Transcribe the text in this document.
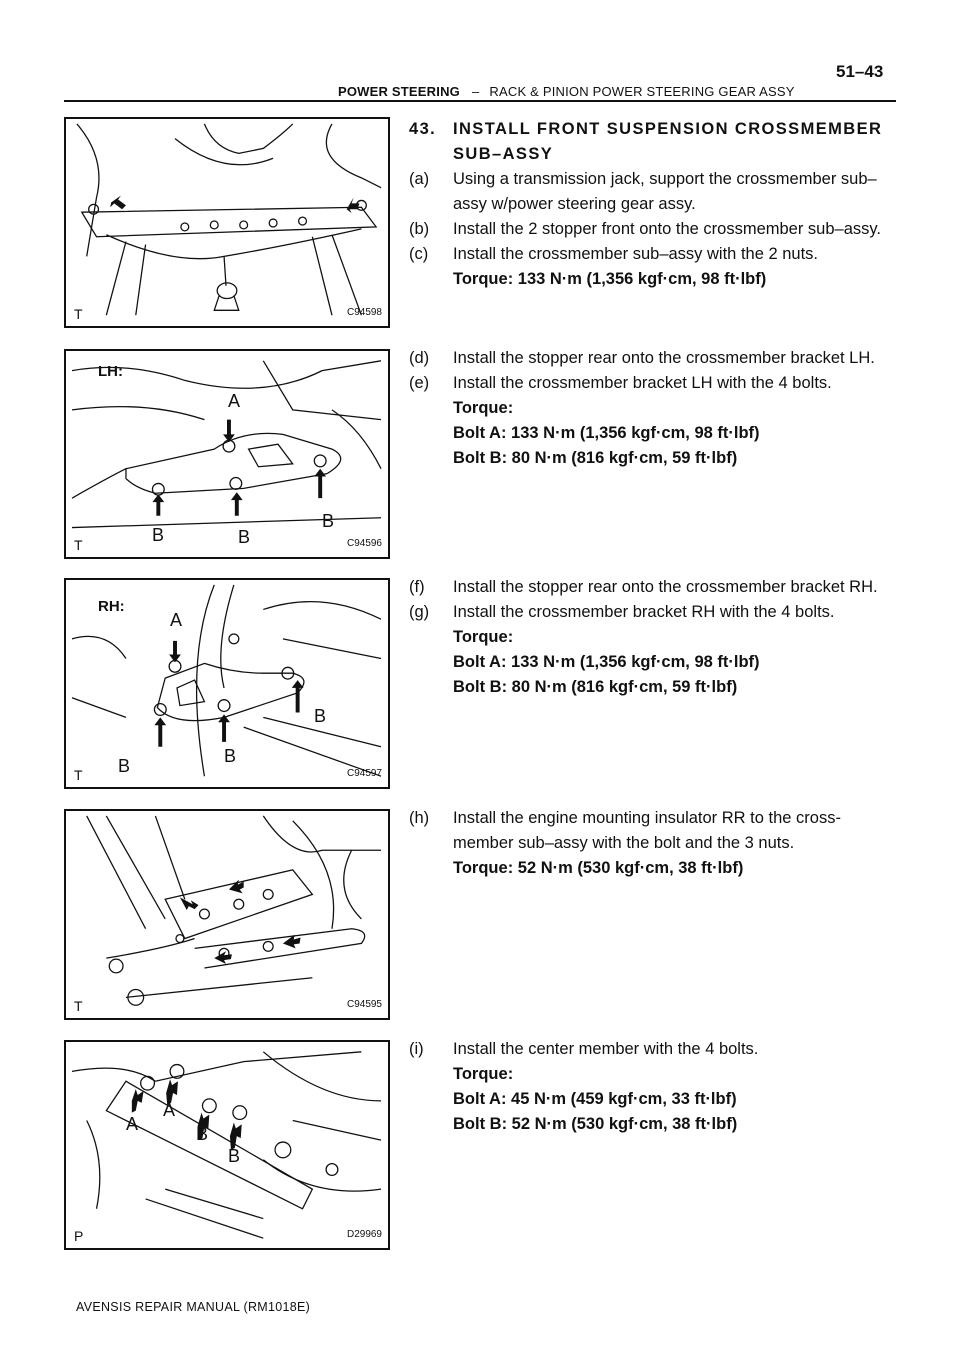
51–43
POWER STEERING – RACK & PINION POWER STEERING GEAR ASSY
T	C94598
LH:
A
B	B
B
T	C94596
RH:
A
B	B
B
T	C94597
T	C94595
A
A
B
B
P	D29969
43. INSTALL FRONT SUSPENSION CROSSMEMBER
SUB–ASSY
(a) Using a transmission jack, support the crossmember sub–assy w/power steering gear assy.
(b) Install the 2 stopper front onto the crossmember sub–assy.
(c) Install the crossmember sub–assy with the 2 nuts.
Torque: 133 N·m (1,356 kgf·cm, 98 ft·lbf)
(d) Install the stopper rear onto the crossmember bracket LH.
(e) Install the crossmember bracket LH with the 4 bolts.
Torque:
Bolt A: 133 N·m (1,356 kgf·cm, 98 ft·lbf)
Bolt B: 80 N·m (816 kgf·cm, 59 ft·lbf)
(f) Install the stopper rear onto the crossmember bracket RH.
(g) Install the crossmember bracket RH with the 4 bolts.
Torque:
Bolt A: 133 N·m (1,356 kgf·cm, 98 ft·lbf)
Bolt B: 80 N·m (816 kgf·cm, 59 ft·lbf)
(h) Install the engine mounting insulator RR to the cross-member sub–assy with the bolt and the 3 nuts.
Torque: 52 N·m (530 kgf·cm, 38 ft·lbf)
(i) Install the center member with the 4 bolts.
Torque:
Bolt A: 45 N·m (459 kgf·cm, 33 ft·lbf)
Bolt B: 52 N·m (530 kgf·cm, 38 ft·lbf)
AVENSIS REPAIR MANUAL (RM1018E)
